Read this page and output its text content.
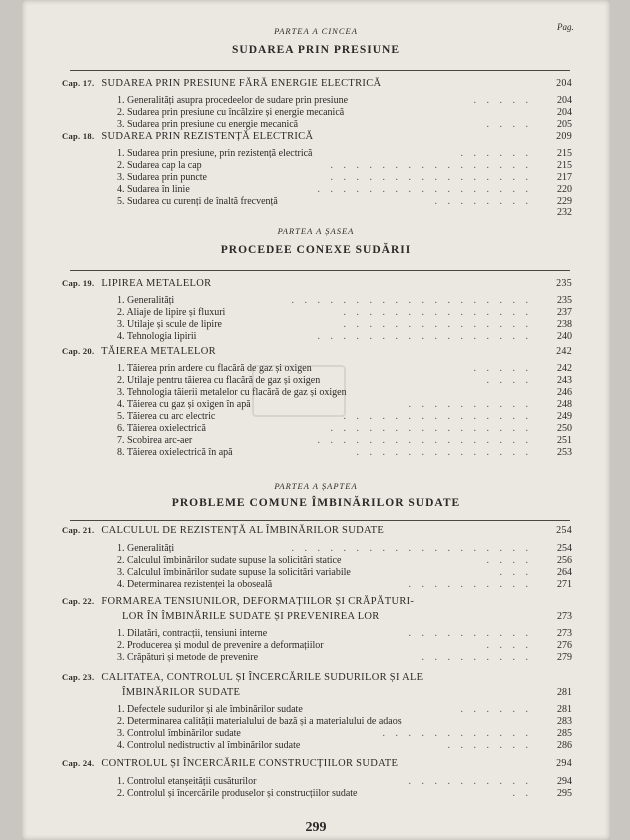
Pag.
PARTEA A CINCEA
SUDAREA PRIN PRESIUNE
Cap. 17. SUDAREA PRIN PRESIUNE FĂRĂ ENERGIE ELECTRICĂ	204
1. Generalități asupra procedeelor de sudare prin presiune	. . . . .	204
2. Sudarea prin presiune cu încălzire și energie mecanică	204
3. Sudarea prin presiune cu energie mecanică	. . . .	205
Cap. 18. SUDAREA PRIN REZISTENȚĂ ELECTRICĂ	209
1. Sudarea prin presiune, prin rezistență electrică	. . . . . .	215
2. Sudarea cap la cap	. . . . . . . . . . . . . . . .	215
3. Sudarea prin puncte	. . . . . . . . . . . . . . . .	217
4. Sudarea în linie	. . . . . . . . . . . . . . . . .	220
5. Sudarea cu curenți de înaltă frecvență	. . . . . . . .	229
232
PARTEA A ȘASEA
PROCEDEE CONEXE SUDĂRII
Cap. 19. LIPIREA METALELOR	235
1. Generalități	. . . . . . . . . . . . . . . . . . .	235
2. Aliaje de lipire și fluxuri	. . . . . . . . . . . . . . .	237
3. Utilaje și scule de lipire	. . . . . . . . . . . . . . .	238
4. Tehnologia lipirii	. . . . . . . . . . . . . . . . .	240
Cap. 20. TĂIEREA METALELOR	242
1. Tăierea prin ardere cu flacără de gaz și oxigen	. . . . .	242
2. Utilaje pentru tăierea cu flacără de gaz și oxigen	. . . .	243
3. Tehnologia tăierii metalelor cu flacără de gaz și oxigen	246
4. Tăierea cu gaz și oxigen în apă	. . . . . . . . . .	248
5. Tăierea cu arc electric	. . . . . . . . . . . . . . .	249
6. Tăierea oxielectrică	. . . . . . . . . . . . . . . .	250
7. Scobirea arc-aer	. . . . . . . . . . . . . . . . .	251
8. Tăierea oxielectrică în apă	. . . . . . . . . . . . . .	253
PARTEA A ȘAPTEA
PROBLEME COMUNE ÎMBINĂRILOR SUDATE
Cap. 21. CALCULUL DE REZISTENȚĂ AL ÎMBINĂRILOR SUDATE	254
1. Generalități	. . . . . . . . . . . . . . . . . . .	254
2. Calculul îmbinărilor sudate supuse la solicitări statice	. . . .	256
3. Calculul îmbinărilor sudate supuse la solicitări variabile	. . .	264
4. Determinarea rezistenței la oboseală	. . . . . . . . . .	271
Cap. 22. FORMAREA TENSIUNILOR, DEFORMAȚIILOR ȘI CRĂPĂTURI-
LOR ÎN ÎMBINĂRILE SUDATE ȘI PREVENIREA LOR	273
1. Dilatări, contracții, tensiuni interne	. . . . . . . . . .	273
2. Producerea și modul de prevenire a deformațiilor	. . . .	276
3. Crăpături și metode de prevenire	. . . . . . . . .	279
Cap. 23. CALITATEA, CONTROLUL ȘI ÎNCERCĂRILE SUDURILOR ȘI ALE
ÎMBINĂRILOR SUDATE	281
1. Defectele sudurilor și ale îmbinărilor sudate	. . . . . .	281
2. Determinarea calității materialului de bază și a materialului de adaos	283
3. Controlul îmbinărilor sudate	. . . . . . . . . . . .	285
4. Controlul nedistructiv al îmbinărilor sudate	. . . . . . .	286
Cap. 24. CONTROLUL ȘI ÎNCERCĂRILE CONSTRUCȚIILOR SUDATE	294
1. Controlul etanșeității cusăturilor	. . . . . . . . . .	294
2. Controlul și încercările produselor și construcțiilor sudate	. .	295
299
